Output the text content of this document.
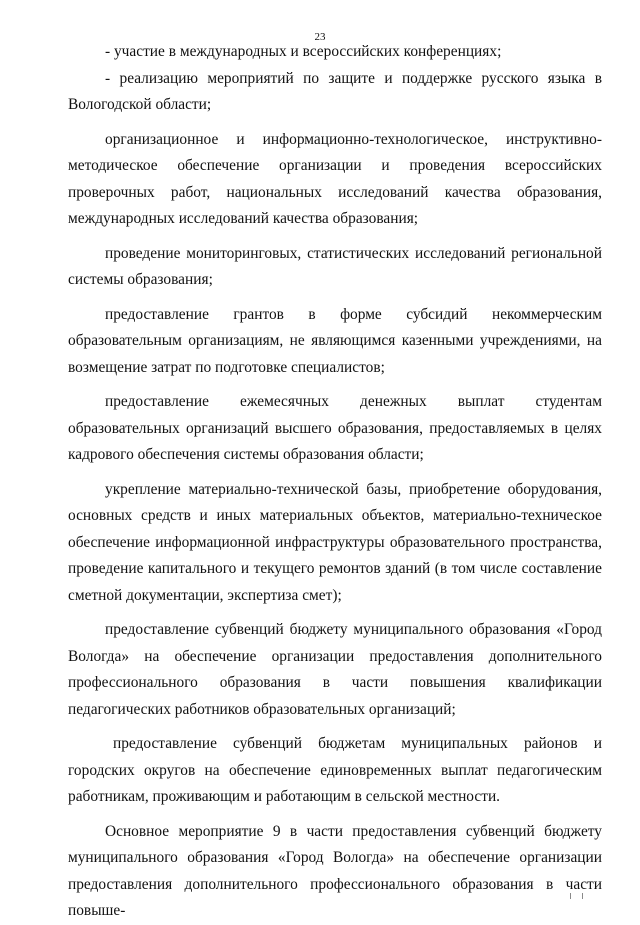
23

- участие в международных и всероссийских конференциях;

- реализацию мероприятий по защите и поддержке русского языка в Вологодской области;

организационное и информационно-технологическое, инструктивно-методическое обеспечение организации и проведения всероссийских проверочных работ, национальных исследований качества образования, международных исследований качества образования;

проведение мониторинговых, статистических исследований региональной системы образования;

предоставление грантов в форме субсидий некоммерческим образовательным организациям, не являющимся казенными учреждениями, на возмещение затрат по подготовке специалистов;

предоставление ежемесячных денежных выплат студентам образовательных организаций высшего образования, предоставляемых в целях кадрового обеспечения системы образования области;

укрепление материально-технической базы, приобретение оборудования, основных средств и иных материальных объектов, материально-техническое обеспечение информационной инфраструктуры образовательного пространства, проведение капитального и текущего ремонтов зданий (в том числе составление сметной документации, экспертиза смет);

предоставление субвенций бюджету муниципального образования «Город Вологда» на обеспечение организации предоставления дополнительного профессионального образования в части повышения квалификации педагогических работников образовательных организаций;

предоставление субвенций бюджетам муниципальных районов и городских округов на обеспечение единовременных выплат педагогическим работникам, проживающим и работающим в сельской местности.

Основное мероприятие 9 в части предоставления субвенций бюджету муниципального образования «Город Вологда» на обеспечение организации предоставления дополнительного профессионального образования в части повыше-
